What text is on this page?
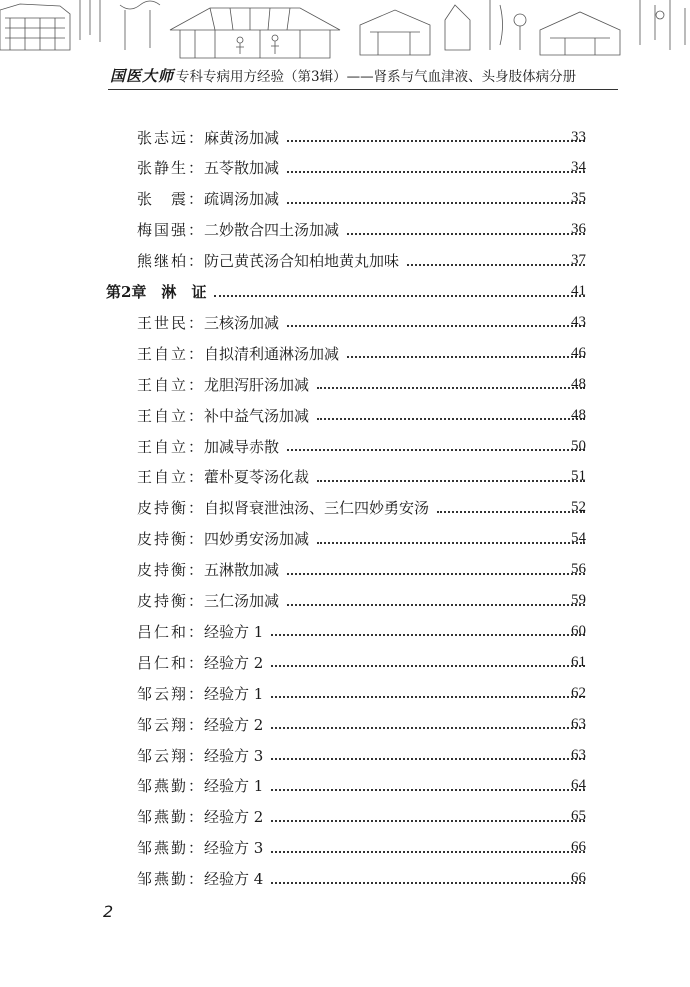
国医大师 专科专病用方经验（第3辑）——肾系与气血津液、头身肢体病分册
张志远： 麻黄汤加减	33
张静生： 五苓散加减	34
张　震： 疏调汤加减	35
梅国强： 二妙散合四土汤加减	36
熊继柏： 防己黄芪汤合知柏地黄丸加味	37
第2章　淋　证	41
王世民： 三核汤加减	43
王自立： 自拟清利通淋汤加减	46
王自立： 龙胆泻肝汤加减	48
王自立： 补中益气汤加减	48
王自立： 加减导赤散	50
王自立： 藿朴夏苓汤化裁	51
皮持衡： 自拟肾衰泄浊汤、三仁四妙勇安汤	52
皮持衡： 四妙勇安汤加减	54
皮持衡： 五淋散加减	56
皮持衡： 三仁汤加减	59
吕仁和： 经验方 1	60
吕仁和： 经验方 2	61
邹云翔： 经验方 1	62
邹云翔： 经验方 2	63
邹云翔： 经验方 3	63
邹燕勤： 经验方 1	64
邹燕勤： 经验方 2	65
邹燕勤： 经验方 3	66
邹燕勤： 经验方 4	66
2
